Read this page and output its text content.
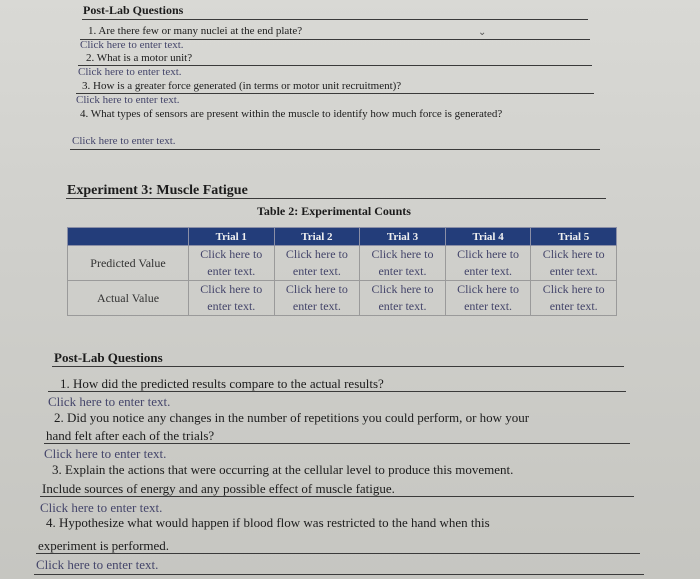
Post-Lab Questions
1. Are there few or many nuclei at the end plate?	⌄
Click here to enter text.
2. What is a motor unit?
Click here to enter text.
3. How is a greater force generated (in terms or motor unit recruitment)?
Click here to enter text.
4. What types of sensors are present within the muscle to identify how much force is generated?
Click here to enter text.
Experiment 3: Muscle Fatigue
Table 2: Experimental Counts
	Trial 1	Trial 2	Trial 3	Trial 4	Trial 5
Predicted Value	Click here to enter text.	Click here to enter text.	Click here to enter text.	Click here to enter text.	Click here to enter text.
Actual Value	Click here to enter text.	Click here to enter text.	Click here to enter text.	Click here to enter text.	Click here to enter text.
Post-Lab Questions
1. How did the predicted results compare to the actual results?
Click here to enter text.
2. Did you notice any changes in the number of repetitions you could perform, or how your
hand felt after each of the trials?
Click here to enter text.
3. Explain the actions that were occurring at the cellular level to produce this movement.
Include sources of energy and any possible effect of muscle fatigue.
Click here to enter text.
4. Hypothesize what would happen if blood flow was restricted to the hand when this
experiment is performed.
Click here to enter text.
